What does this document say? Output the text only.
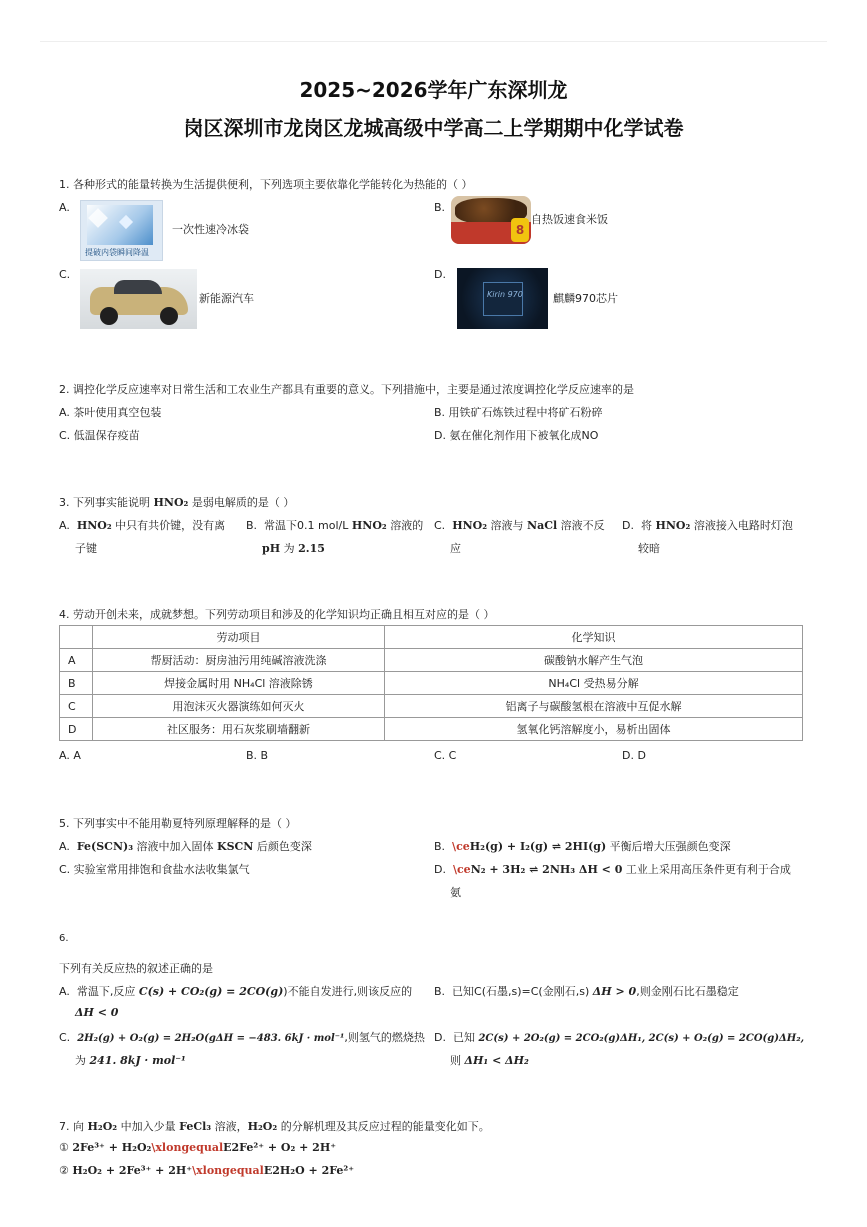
2025~2026学年广东深圳龙
岗区深圳市龙岗区龙城高级中学高二上学期期中化学试卷
1. 各种形式的能量转换为生活提供便利，下列选项主要依靠化学能转化为热能的（ ）
A.
提破内袋瞬间降温
一次性速冷冰袋
B.
8
自热饭速食米饭
C.
新能源汽车
D.
Kirin 970	麒麟970芯片
2. 调控化学反应速率对日常生活和工农业生产都具有重要的意义。下列措施中，主要是通过浓度调控化学反应速率的是
A. 茶叶使用真空包装	B. 用铁矿石炼铁过程中将矿石粉碎
C. 低温保存疫苗	D. 氨在催化剂作用下被氧化成NO
3. 下列事实能说明 HNO₂ 是弱电解质的是（ ）
A. HNO₂ 中只有共价键，没有离
子键
B. 常温下0.1 mol/L HNO₂ 溶液的
pH 为 2.15
C. HNO₂ 溶液与 NaCl 溶液不反
应
D. 将 HNO₂ 溶液接入电路时灯泡
较暗
4. 劳动开创未来，成就梦想。下列劳动项目和涉及的化学知识均正确且相互对应的是（ ）
	劳动项目	化学知识
A	帮厨活动：厨房油污用纯碱溶液洗涤	碳酸钠水解产生气泡
B	焊接金属时用 NH₄Cl 溶液除锈	NH₄Cl 受热易分解
C	用泡沫灭火器演练如何灭火	铝离子与碳酸氢根在溶液中互促水解
D	社区服务：用石灰浆刷墙翻新	氢氧化钙溶解度小，易析出固体
A. A	B. B	C. C	D. D
5. 下列事实中不能用勒夏特列原理解释的是（ ）
A. Fe(SCN)₃ 溶液中加入固体 KSCN 后颜色变深	B. \ceH₂(g) + I₂(g) ⇌ 2HI(g) 平衡后增大压强颜色变深
C. 实验室常用排饱和食盐水法收集氯气	D. \ceN₂ + 3H₂ ⇌ 2NH₃ ΔH < 0 工业上采用高压条件更有利于合成
氨
6.
下列有关反应热的叙述正确的是
A. 常温下,反应 C(s) + CO₂(g) = 2CO(g))不能自发进行,则该反应的
ΔH < 0
B. 已知C(石墨,s)=C(金刚石,s) ΔH > 0,则金刚石比石墨稳定
C. 2H₂(g) + O₂(g) = 2H₂O(gΔH = −483. 6kJ · mol⁻¹,则氢气的燃烧热
为 241. 8kJ · mol⁻¹
D. 已知 2C(s) + 2O₂(g) = 2CO₂(g)ΔH₁, 2C(s) + O₂(g) = 2CO(g)ΔH₂,
则 ΔH₁ < ΔH₂
7. 向 H₂O₂ 中加入少量 FeCl₃ 溶液，H₂O₂ 的分解机理及其反应过程的能量变化如下。
① 2Fe³⁺ + H₂O₂\xlongequalE2Fe²⁺ + O₂ + 2H⁺
② H₂O₂ + 2Fe³⁺ + 2H⁺\xlongequalE2H₂O + 2Fe²⁺
